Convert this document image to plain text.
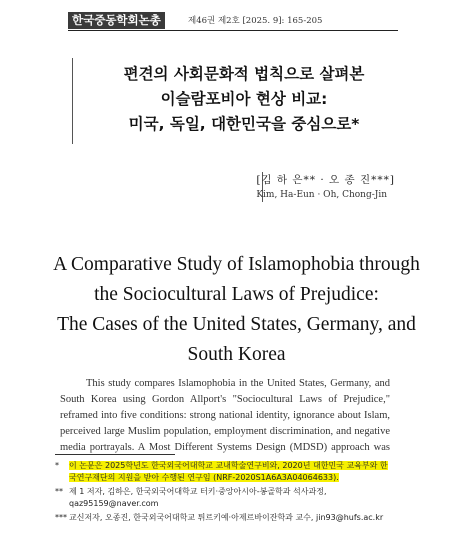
한국중동학회논총	제46권 제2호 [2025. 9]: 165-205
편견의 사회문화적 법칙으로 살펴본
이슬람포비아 현상 비교:
미국, 독일, 대한민국을 중심으로*
[김 하 은** · 오 종 진***]
Kim, Ha-Eun · Oh, Chong-Jin
A Comparative Study of Islamophobia through
the Sociocultural Laws of Prejudice:
The Cases of the United States, Germany, and
South Korea
This study compares Islamophobia in the United States, Germany, and
South Korea using Gordon Allport's "Sociocultural Laws of Prejudice,"
reframed into five conditions: strong national identity, ignorance about Islam,
perceived large Muslim population, employment discrimination, and negative
media portrayals. A Most Different Systems Design (MDSD) approach was
* 이 논문은 2025학년도 한국외국어대학교 교내학술연구비와, 2020년 대한민국 교육부와 한
국연구재단의 지원을 받아 수행된 연구임 (NRF-2020S1A6A3A04064633).
** 제 1 저자, 김하은, 한국외국어대학교 터키·중앙아시아-봉골학과 석사과정,
qaz95159@naver.com
*** 교신저자, 오종진, 한국외국어대학교 튀르키예·아제르바이잔학과 교수, jin93@hufs.ac.kr
